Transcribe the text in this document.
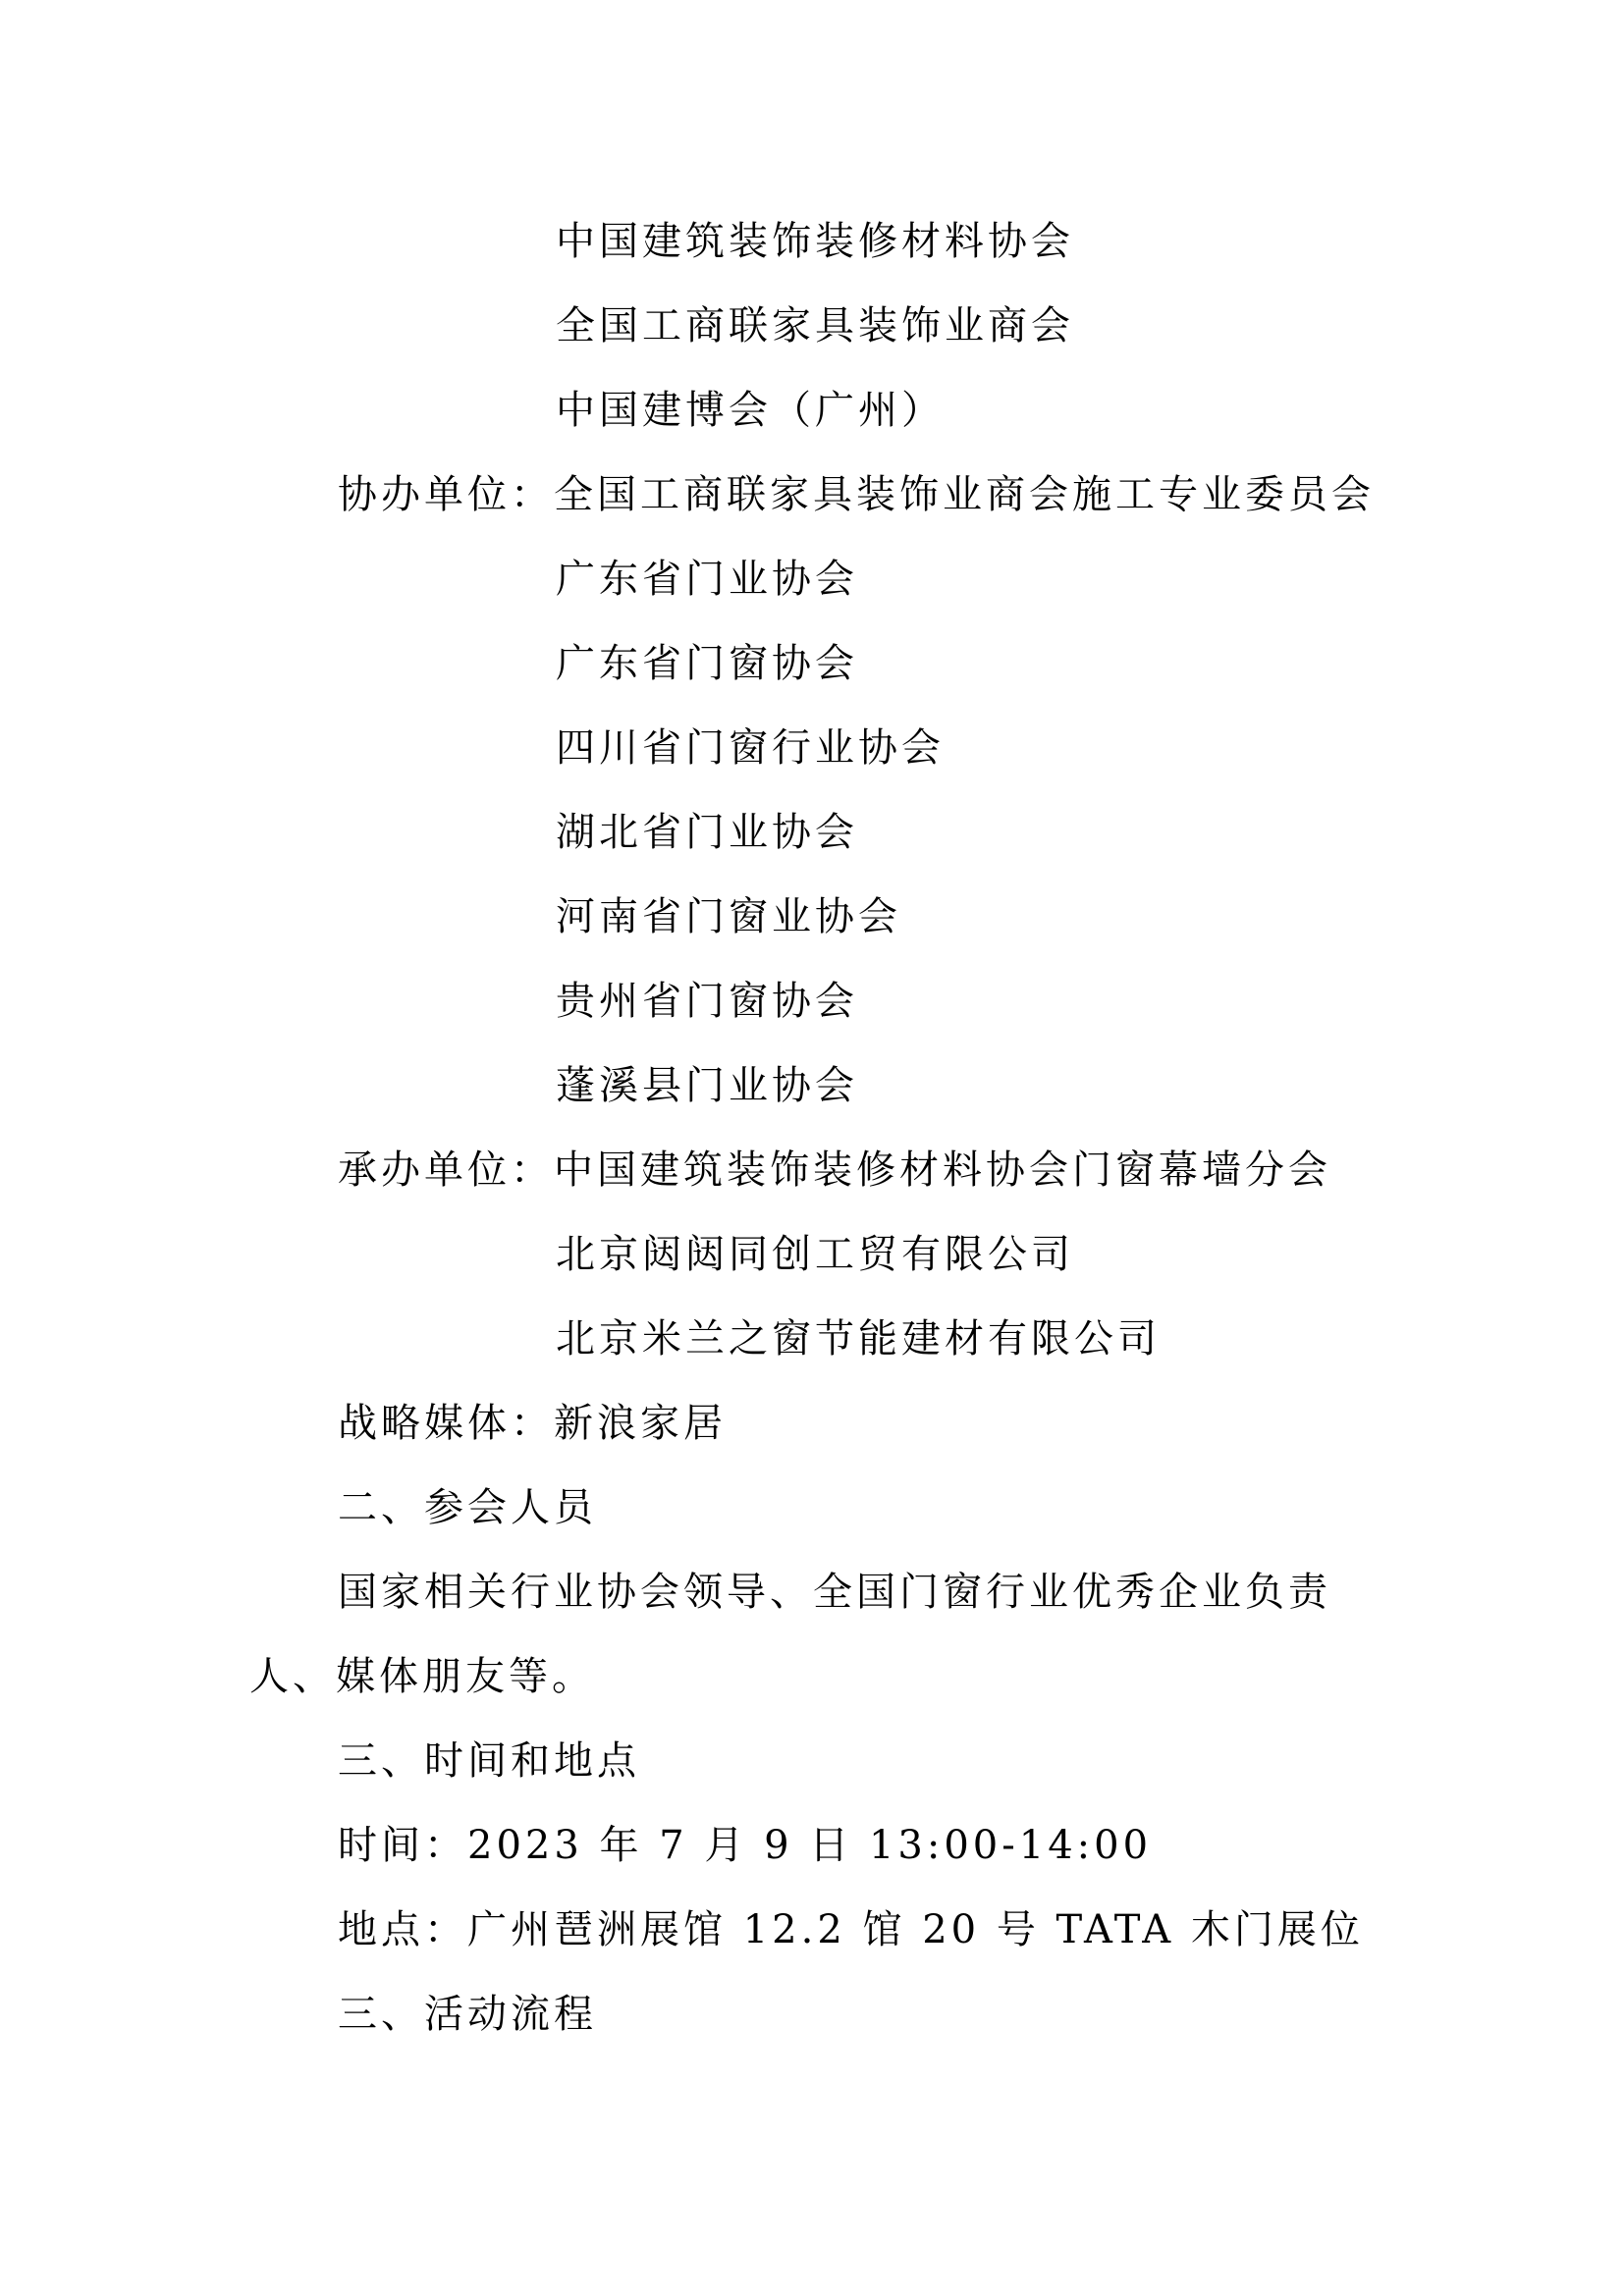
中国建筑装饰装修材料协会
全国工商联家具装饰业商会
中国建博会（广州）
协办单位：全国工商联家具装饰业商会施工专业委员会
广东省门业协会
广东省门窗协会
四川省门窗行业协会
湖北省门业协会
河南省门窗业协会
贵州省门窗协会
蓬溪县门业协会
承办单位：中国建筑装饰装修材料协会门窗幕墙分会
北京闼闼同创工贸有限公司
北京米兰之窗节能建材有限公司
战略媒体：新浪家居
二、参会人员
国家相关行业协会领导、全国门窗行业优秀企业负责
人、媒体朋友等。
三、时间和地点
时间：2023 年 7 月 9 日 13:00-14:00
地点：广州琶洲展馆 12.2 馆 20 号 TATA 木门展位
三、活动流程
